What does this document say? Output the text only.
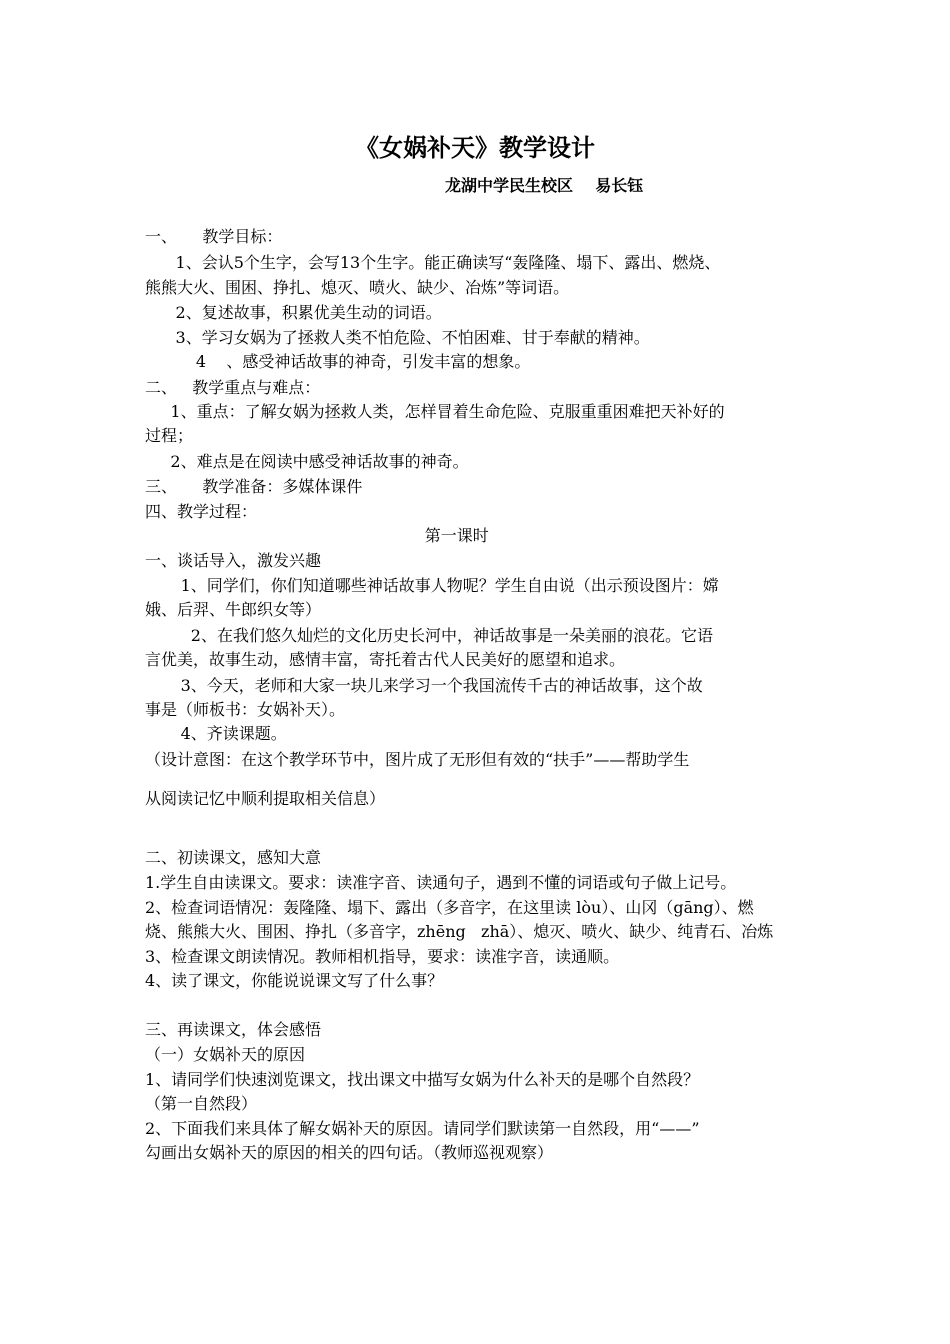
《女娲补天》教学设计
龙湖中学民生校区    易长钰
一、     教学目标：
1、会认5个生字，会写13个生字。能正确读写“轰隆隆、塌下、露出、燃烧、
熊熊大火、围困、挣扎、熄灭、喷火、缺少、冶炼”等词语。
2、复述故事，积累优美生动的词语。
3、学习女娲为了拯救人类不怕危险、不怕困难、甘于奉献的精神。
4    、感受神话故事的神奇，引发丰富的想象。
二、   教学重点与难点：
1、重点：了解女娲为拯救人类，怎样冒着生命危险、克服重重困难把天补好的
过程；
2、难点是在阅读中感受神话故事的神奇。
三、     教学准备：多媒体课件
四、教学过程：
第一课时
一、谈话导入，激发兴趣
1、同学们，你们知道哪些神话故事人物呢？学生自由说（出示预设图片：嫦
娥、后羿、牛郎织女等）
2、在我们悠久灿烂的文化历史长河中，神话故事是一朵美丽的浪花。它语
言优美，故事生动，感情丰富，寄托着古代人民美好的愿望和追求。
3、今天，老师和大家一块儿来学习一个我国流传千古的神话故事，这个故
事是（师板书：女娲补天）。
4、齐读课题。
（设计意图：在这个教学环节中，图片成了无形但有效的“扶手”——帮助学生
从阅读记忆中顺利提取相关信息）
二、初读课文，感知大意
1.学生自由读课文。要求：读准字音、读通句子，遇到不懂的词语或句子做上记号。
2、检查词语情况：轰隆隆、塌下、露出（多音字，在这里读 lòu）、山冈（gāng）、燃
烧、熊熊大火、围困、挣扎（多音字，zhēng   zhā）、熄灭、喷火、缺少、纯青石、冶炼
3、检查课文朗读情况。教师相机指导，要求：读准字音，读通顺。
4、读了课文，你能说说课文写了什么事？
三、再读课文，体会感悟
（一）女娲补天的原因
1、请同学们快速浏览课文，找出课文中描写女娲为什么补天的是哪个自然段？
（第一自然段）
2、下面我们来具体了解女娲补天的原因。请同学们默读第一自然段，用“——”
勾画出女娲补天的原因的相关的四句话。（教师巡视观察）
